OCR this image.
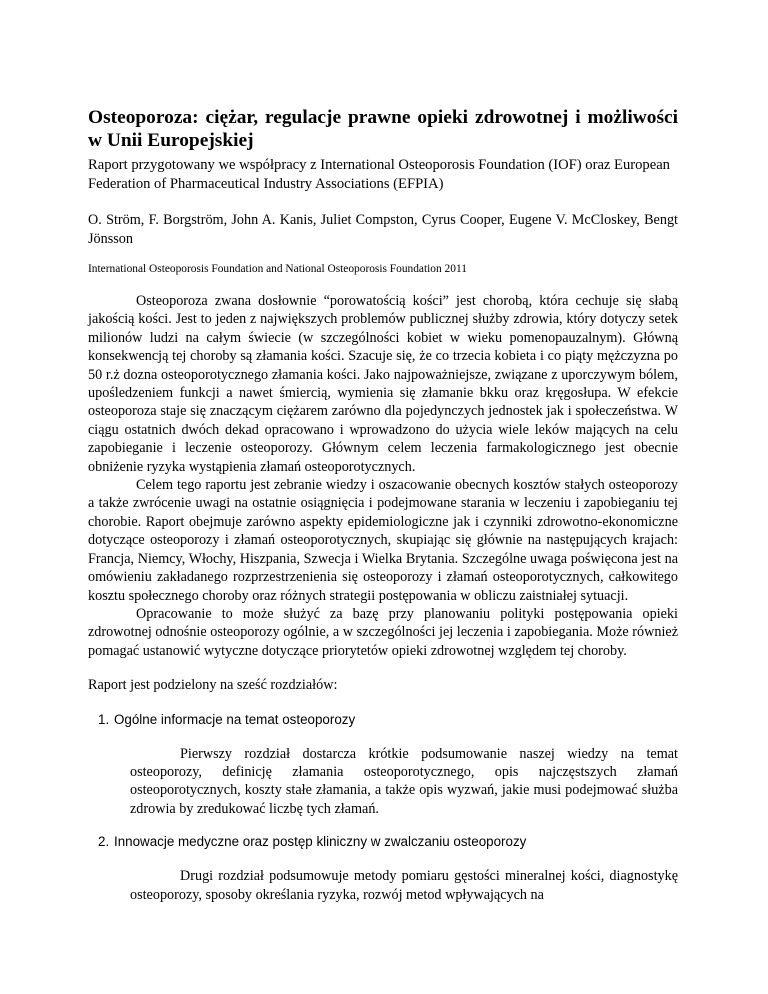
Osteoporoza: ciężar, regulacje prawne opieki zdrowotnej i możliwości w Unii Europejskiej

Raport przygotowany we współpracy z International Osteoporosis Foundation (IOF) oraz European Federation of Pharmaceutical Industry Associations (EFPIA)

O. Ström, F. Borgström, John A. Kanis, Juliet Compston, Cyrus Cooper, Eugene V. McCloskey, Bengt Jönsson

International Osteoporosis Foundation and National Osteoporosis Foundation 2011

Osteoporoza zwana dosłownie “porowatością kości” jest chorobą, która cechuje się słabą jakością kości. Jest to jeden z największych problemów publicznej służby zdrowia, który dotyczy setek milionów ludzi na całym świecie (w szczególności kobiet w wieku pomenopauzalnym). Główną konsekwencją tej choroby są złamania kości. Szacuje się, że co trzecia kobieta i co piąty mężczyzna po 50 r.ż dozna osteoporotycznego złamania kości. Jako najpoważniejsze, związane z uporczywym bólem, upośledzeniem funkcji a nawet śmiercią, wymienia się złamanie bkku oraz kręgosłupa. W efekcie osteoporoza staje się znaczącym ciężarem zarówno dla pojedynczych jednostek jak i społeczeństwa. W ciągu ostatnich dwóch dekad opracowano i wprowadzono do użycia wiele leków mających na celu zapobieganie i leczenie osteoporozy. Głównym celem leczenia farmakologicznego jest obecnie obniżenie ryzyka wystąpienia złamań osteoporotycznych.

Celem tego raportu jest zebranie wiedzy i oszacowanie obecnych kosztów stałych osteoporozy a także zwrócenie uwagi na ostatnie osiągnięcia i podejmowane starania w leczeniu i zapobieganiu tej chorobie. Raport obejmuje zarówno aspekty epidemiologiczne jak i czynniki zdrowotno-ekonomiczne dotyczące osteoporozy i złamań osteoporotycznych, skupiając się głównie na następujących krajach: Francja, Niemcy, Włochy, Hiszpania, Szwecja i Wielka Brytania. Szczególne uwaga poświęcona jest na omówieniu zakładanego rozprzestrzenienia się osteoporozy i złamań osteoporotycznych, całkowitego kosztu społecznego choroby oraz różnych strategii postępowania w obliczu zaistniałej sytuacji.

Opracowanie to może służyć za bazę przy planowaniu polityki postępowania opieki zdrowotnej odnośnie osteoporozy ogólnie, a w szczególności jej leczenia i zapobiegania. Może również pomagać ustanowić wytyczne dotyczące priorytetów opieki zdrowotnej względem tej choroby.

Raport jest podzielony na sześć rozdziałów:

1. Ogólne informacje na temat osteoporozy

Pierwszy rozdział dostarcza krótkie podsumowanie naszej wiedzy na temat osteoporozy, definicję złamania osteoporotycznego, opis najczęstszych złamań osteoporotycznych, koszty stałe złamania, a także opis wyzwań, jakie musi podejmować służba zdrowia by zredukować liczbę tych złamań.

2. Innowacje medyczne oraz postęp kliniczny w zwalczaniu osteoporozy

Drugi rozdział podsumowuje metody pomiaru gęstości mineralnej kości, diagnostykę osteoporozy, sposoby określania ryzyka, rozwój metod wpływających na
